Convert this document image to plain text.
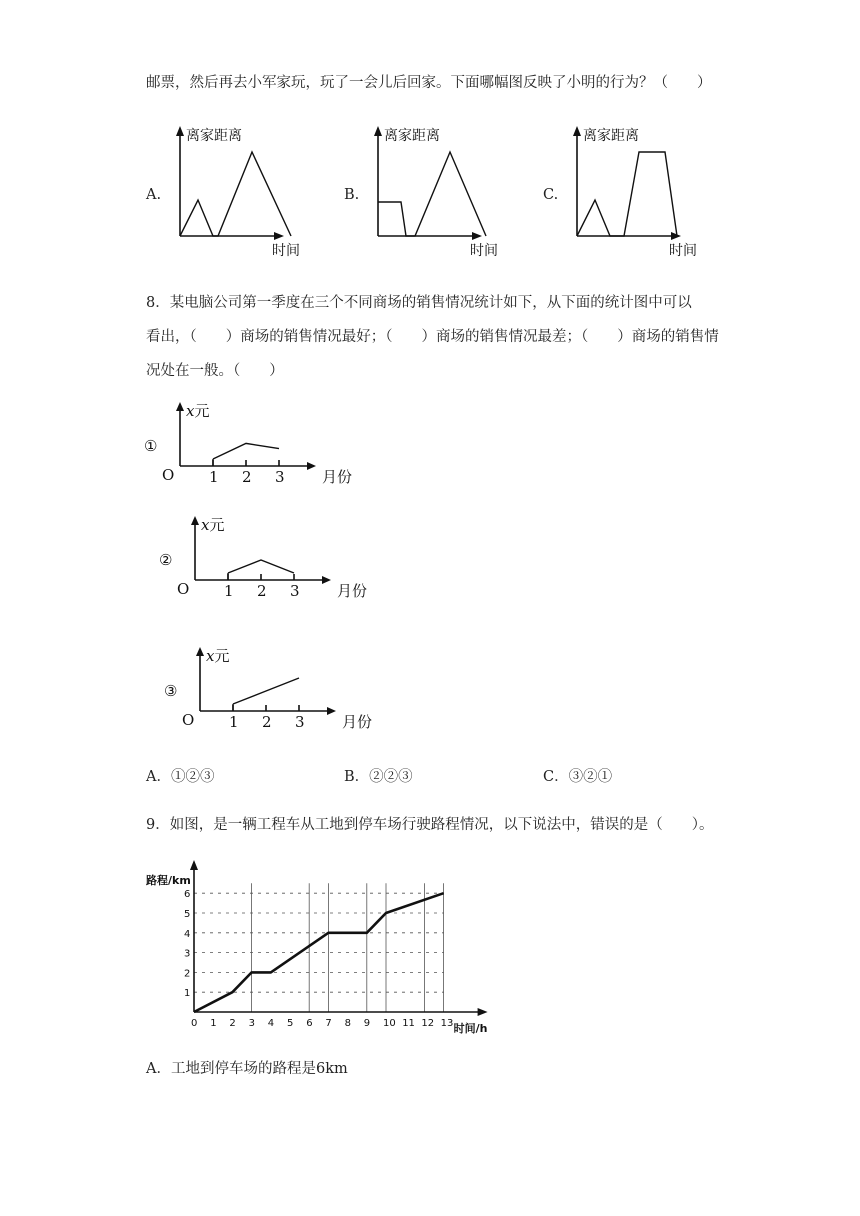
邮票，然后再去小军家玩，玩了一会儿后回家。下面哪幅图反映了小明的行为？（　　）
A.	B.	C.
离家距离
时间
离家距离
时间
离家距离
时间
8．某电脑公司第一季度在三个不同商场的销售情况统计如下，从下面的统计图中可以
看出，（　　）商场的销售情况最好；（　　）商场的销售情况最差；（　　）商场的销售情
况处在一般。（　　）
①
O
x元
1 2 3 月份
②
O
x元
1 2 3 月份
③
O
x元
1 2 3 月份
A．①②③	B．②②③	C．③②①
9．如图，是一辆工程车从工地到停车场行驶路程情况，以下说法中，错误的是（　　）。
1
2
3
4
5
6
0 1 2 3 4 5 6 7 8 9 10 11 12 13
路程/km
时间/h
A．工地到停车场的路程是6km
